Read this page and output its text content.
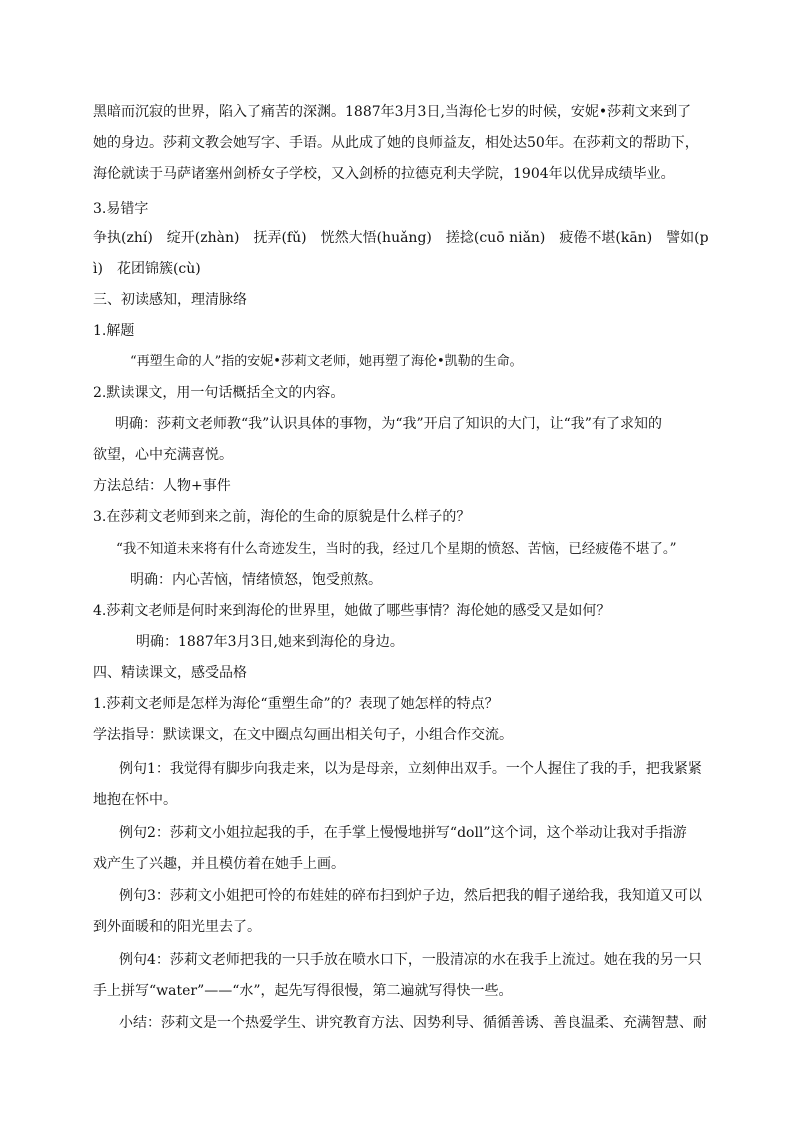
黑暗而沉寂的世界，陷入了痛苦的深渊。1887年3月3日,当海伦七岁的时候，安妮•莎莉文来到了
她的身边。莎莉文教会她写字、手语。从此成了她的良师益友，相处达50年。在莎莉文的帮助下，
海伦就读于马萨诸塞州剑桥女子学校，又入剑桥的拉德克利夫学院，1904年以优异成绩毕业。
3.易错字
争执(zhí)　绽开(zhàn)　抚弄(fǔ)　恍然大悟(huǎng)　搓捻(cuō niǎn)　疲倦不堪(kān)　譬如(p
ì)　花团锦簇(cù)
三、初读感知，理清脉络
1.解题
“再塑生命的人”指的安妮•莎莉文老师，她再塑了海伦•凯勒的生命。
2.默读课文，用一句话概括全文的内容。
明确：莎莉文老师教“我”认识具体的事物，为“我”开启了知识的大门，让“我”有了求知的
欲望，心中充满喜悦。
方法总结：人物+事件
3.在莎莉文老师到来之前，海伦的生命的原貌是什么样子的？
“我不知道未来将有什么奇迹发生，当时的我，经过几个星期的愤怒、苦恼，已经疲倦不堪了。”
明确：内心苦恼，情绪愤怒，饱受煎熬。
4.莎莉文老师是何时来到海伦的世界里，她做了哪些事情？海伦她的感受又是如何？
明确：1887年3月3日,她来到海伦的身边。
四、精读课文，感受品格
1.莎莉文老师是怎样为海伦“重塑生命”的？表现了她怎样的特点？
学法指导：默读课文，在文中圈点勾画出相关句子，小组合作交流。
例句1：我觉得有脚步向我走来，以为是母亲，立刻伸出双手。一个人握住了我的手，把我紧紧
地抱在怀中。
例句2：莎莉文小姐拉起我的手，在手掌上慢慢地拼写“doll”这个词，这个举动让我对手指游
戏产生了兴趣，并且模仿着在她手上画。
例句3：莎莉文小姐把可怜的布娃娃的碎布扫到炉子边，然后把我的帽子递给我，我知道又可以
到外面暖和的阳光里去了。
例句4：莎莉文老师把我的一只手放在喷水口下，一股清凉的水在我手上流过。她在我的另一只
手上拼写“water”——“水”，起先写得很慢，第二遍就写得快一些。
小结：莎莉文是一个热爱学生、讲究教育方法、因势利导、循循善诱、善良温柔、充满智慧、耐
